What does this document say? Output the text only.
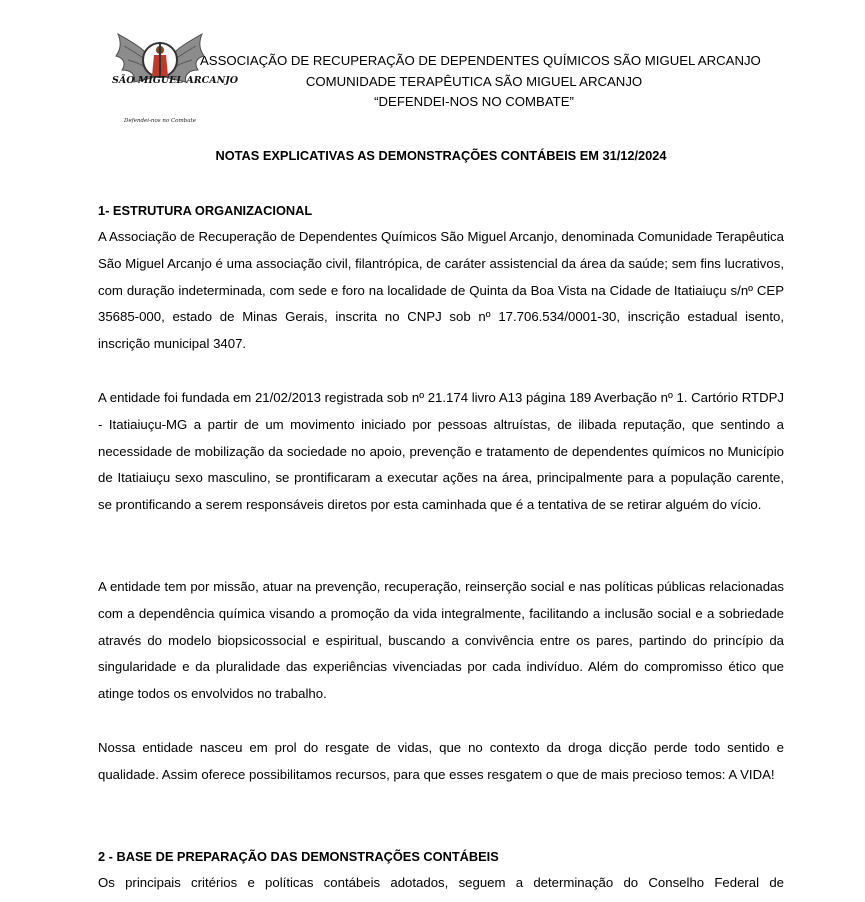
SÃO MIGUEL ARCANJO
Defendei-nos no Combate
ASSOCIAÇÃO DE RECUPERAÇÃO DE DEPENDENTES QUÍMICOS SÃO MIGUEL ARCANJO
COMUNIDADE TERAPÊUTICA SÃO MIGUEL ARCANJO
“DEFENDEI-NOS NO COMBATE”
NOTAS EXPLICATIVAS AS DEMONSTRAÇÕES CONTÁBEIS EM 31/12/2024
1- ESTRUTURA ORGANIZACIONAL
A Associação de Recuperação de Dependentes Químicos São Miguel Arcanjo, denominada Comunidade Terapêutica São Miguel Arcanjo é uma associação civil, filantrópica, de caráter assistencial da área da saúde; sem fins lucrativos, com duração indeterminada, com sede e foro na localidade de Quinta da Boa Vista na Cidade de Itatiaiuçu s/nº CEP 35685-000, estado de Minas Gerais, inscrita no CNPJ sob nº 17.706.534/0001-30, inscrição estadual isento, inscrição municipal 3407.
A entidade foi fundada em 21/02/2013 registrada sob nº 21.174 livro A13 página 189 Averbação nº 1. Cartório RTDPJ - Itatiaiuçu-MG a partir de um movimento iniciado por pessoas altruístas, de ilibada reputação, que sentindo a necessidade de mobilização da sociedade no apoio, prevenção e tratamento de dependentes químicos no Município de Itatiaiuçu sexo masculino, se prontificaram a executar ações na área, principalmente para a população carente, se prontificando a serem responsáveis diretos por esta caminhada que é a tentativa de se retirar alguém do vício.
A entidade tem por missão, atuar na prevenção, recuperação, reinserção social e nas políticas públicas relacionadas com a dependência química visando a promoção da vida integralmente, facilitando a inclusão social e a sobriedade através do modelo biopsicossocial e espiritual, buscando a convivência entre os pares, partindo do princípio da singularidade e da pluralidade das experiências vivenciadas por cada indivíduo. Além do compromisso ético que atinge todos os envolvidos no trabalho.
Nossa entidade nasceu em prol do resgate de vidas, que no contexto da droga dicção perde todo sentido e qualidade. Assim oferece possibilitamos recursos, para que esses resgatem o que de mais precioso temos: A VIDA!
2 - BASE DE PREPARAÇÃO DAS DEMONSTRAÇÕES CONTÁBEIS
Os principais critérios e políticas contábeis adotados, seguem a determinação do Conselho Federal de
